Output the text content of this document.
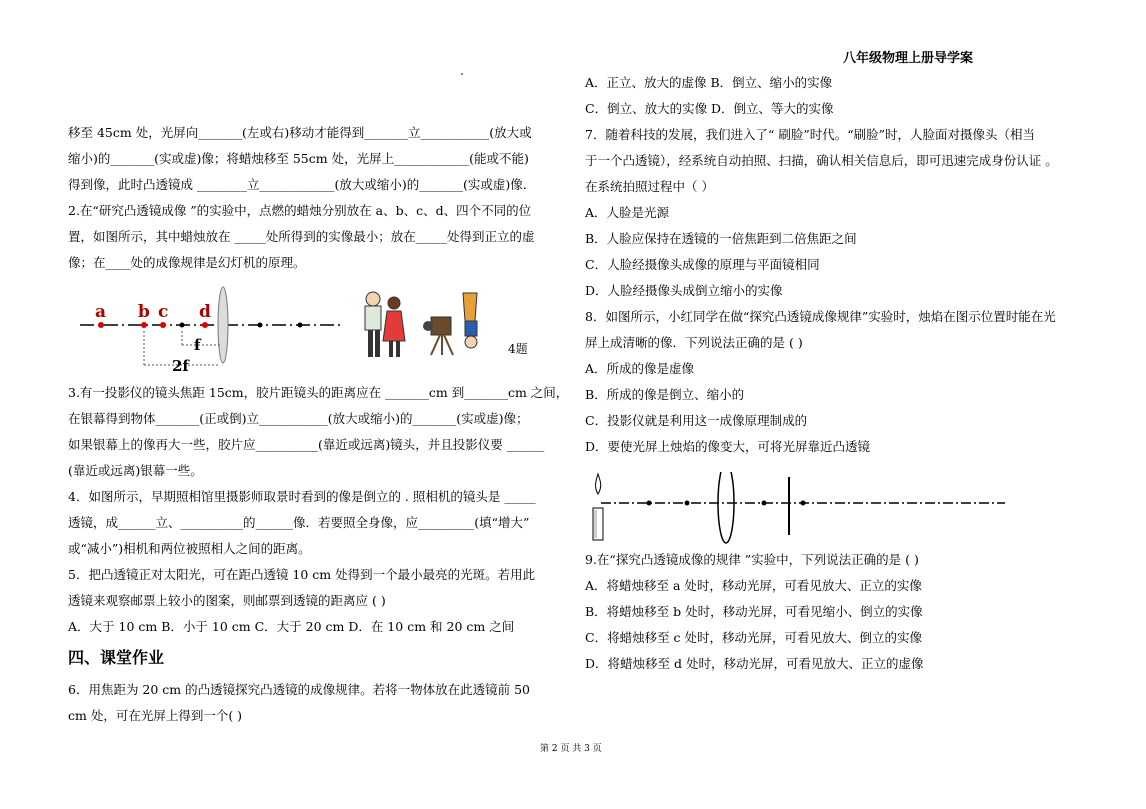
八年级物理上册导学案
移至 45cm 处，光屏向_______(左或右)移动才能得到_______立___________(放大或
缩小)的_______(实或虚)像；将蜡烛移至 55cm 处，光屏上____________(能或不能)
得到像，此时凸透镜成 ________立____________(放大或缩小)的_______(实或虚)像.
2.在“研究凸透镜成像 ”的实验中，点燃的蜡烛分别放在 a、b、c、d、四个不同的位
置，如图所示，其中蜡烛放在 _____处所得到的实像最小；放在_____处得到正立的虚
像；在____处的成像规律是幻灯机的原理。
a b c d
f
2f
4题
3.有一投影仪的镜头焦距 15cm，胶片距镜头的距离应在 _______cm 到_______cm 之间，
在银幕得到物体_______(正或倒)立___________(放大或缩小)的_______(实或虚)像；
如果银幕上的像再大一些，胶片应__________(靠近或远离)镜头，并且投影仪要 ______
(靠近或远离)银幕一些。
4．如图所示，早期照相馆里摄影师取景时看到的像是倒立的 . 照相机的镜头是 _____
透镜，成______立、__________的______像．若要照全身像，应_________(填“增大”
或“减小”)相机和两位被照相人之间的距离。
5．把凸透镜正对太阳光，可在距凸透镜 10 cm 处得到一个最小最亮的光斑。若用此
透镜来观察邮票上较小的图案，则邮票到透镜的距离应 ( )
A．大于 10 cm B．小于 10 cm C．大于 20 cm D．在 10 cm 和 20 cm 之间
四、课堂作业
6．用焦距为 20 cm 的凸透镜探究凸透镜的成像规律。若将一物体放在此透镜前 50
cm 处，可在光屏上得到一个( )
A．正立、放大的虚像 B．倒立、缩小的实像
C．倒立、放大的实像 D．倒立、等大的实像
7．随着科技的发展，我们进入了“ 刷脸”时代。“刷脸”时，人脸面对摄像头（相当
于一个凸透镜），经系统自动拍照、扫描，确认相关信息后，即可迅速完成身份认证 。
在系统拍照过程中（ ）
A．人脸是光源
B．人脸应保持在透镜的一倍焦距到二倍焦距之间
C．人脸经摄像头成像的原理与平面镜相同
D．人脸经摄像头成倒立缩小的实像
8．如图所示，小红同学在做“探究凸透镜成像规律”实验时，烛焰在图示位置时能在光
屏上成清晰的像．下列说法正确的是 ( )
A．所成的像是虚像
B．所成的像是倒立、缩小的
C．投影仪就是利用这一成像原理制成的
D．要使光屏上烛焰的像变大，可将光屏靠近凸透镜
9.在“探究凸透镜成像的规律 ”实验中，下列说法正确的是 ( )
A．将蜡烛移至 a 处时，移动光屏，可看见放大、正立的实像
B．将蜡烛移至 b 处时，移动光屏，可看见缩小、倒立的实像
C．将蜡烛移至 c 处时，移动光屏，可看见放大、倒立的实像
D．将蜡烛移至 d 处时，移动光屏，可看见放大、正立的虚像
第 2 页 共 3 页
